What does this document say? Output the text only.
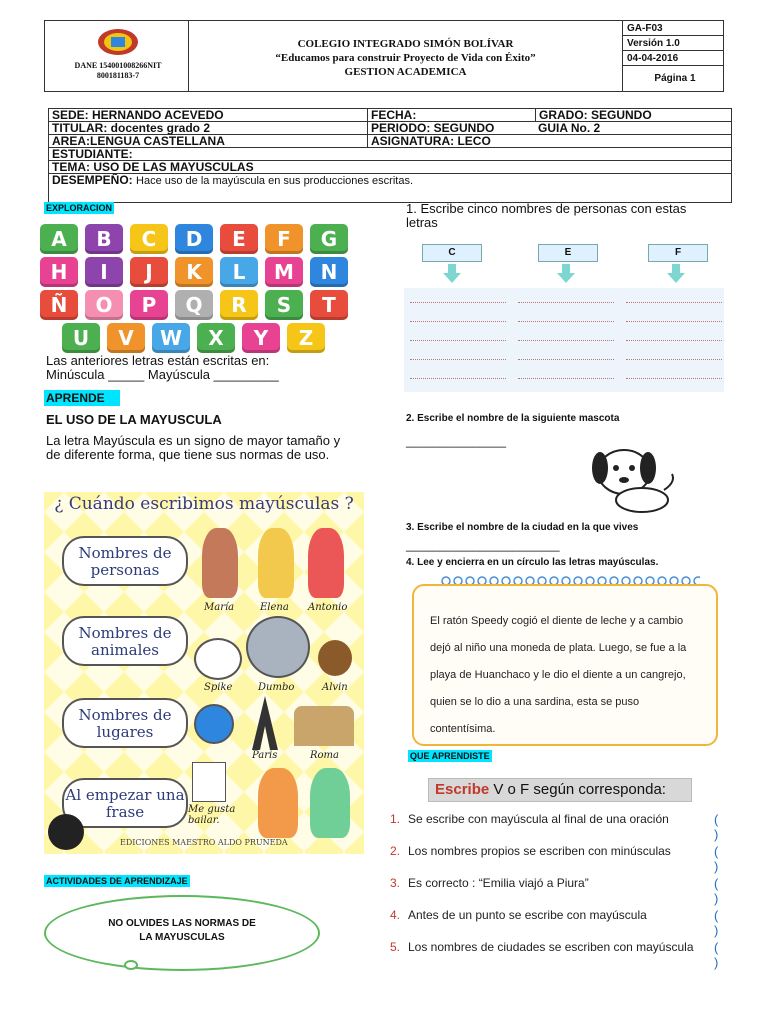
DANE 154001008266NIT
800181183-7
COLEGIO INTEGRADO SIMÓN BOLÍVAR
“Educamos para construir Proyecto de Vida con Éxito”
GESTION ACADEMICA
GA-F03
Versión 1.0
04-04-2016
Página 1
SEDE: HERNANDO ACEVEDO	FECHA:	GRADO: SEGUNDO
TITULAR: docentes grado 2	PERIODO: SEGUNDO	GUIA No. 2
AREA:LENGUA CASTELLANA	ASIGNATURA: LECO
ESTUDIANTE:
TEMA: USO DE LAS MAYUSCULAS
DESEMPEÑO: Hace uso de la mayúscula en sus producciones escritas.
EXPLORACION
A	B	C	D	E	F	G
H	I	J	K	L	M	N
Ñ	O	P	Q	R	S	T
U	V	W	X	Y	Z
Las anteriores letras están escritas en:
Minúscula _____ Mayúscula _________
APRENDE
EL USO DE LA MAYUSCULA
La letra Mayúscula es un signo de mayor tamaño y de diferente forma, que tiene sus normas de uso.
¿ Cuándo escribimos mayúsculas ?
Nombres de personas
Nombres de animales
Nombres de lugares
Al empezar una frase
María	Elena Antonio
Spike	Dumbo	Alvin
Paris	Roma
Me gusta bailar.
EDICIONES MAESTRO ALDO PRUNEDA
ACTIVIDADES DE APRENDIZAJE
NO OLVIDES LAS NORMAS DE LA MAYUSCULAS
1. Escribe cinco nombres de personas con estas letras
C	E	F
2. Escribe el nombre de la siguiente mascota
_______________
3. Escribe el nombre de la ciudad en la que vives
_______________________
4. Lee y encierra en un círculo las letras mayúsculas.
El ratón Speedy cogió el diente de leche y a cambio dejó al niño una moneda de plata. Luego, se fue a la playa de Huanchaco y le dio el diente a un cangrejo, quien se lo dio a una sardina, esta se puso contentísima.
QUE APRENDISTE
Escribe V o F según corresponda:
1. Se escribe con mayúscula al final de una oración	( )
2. Los nombres propios se escriben con minúsculas	( )
3. Es correcto : “Emilia viajó a Piura”	( )
4. Antes de un punto se escribe con mayúscula	( )
5. Los nombres de ciudades se escriben con mayúscula ( )
